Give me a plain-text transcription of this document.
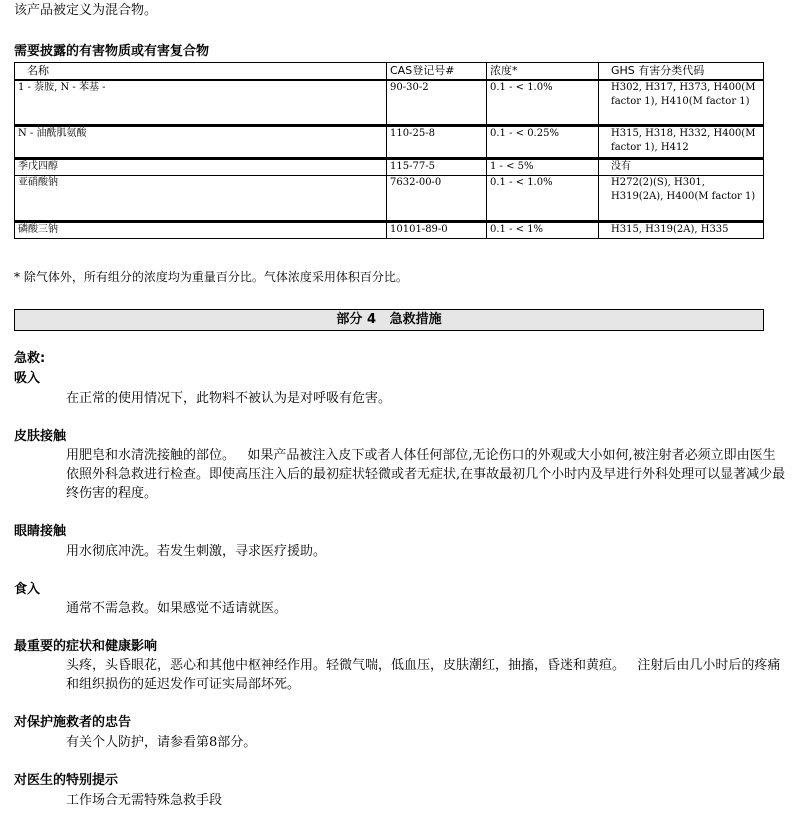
该产品被定义为混合物。

需要披露的有害物质或有害复合物

名称	CAS登记号#	浓度*	GHS 有害分类代码
1 - 萘胺, N - 苯基 -	90-30-2	0.1 - < 1.0%	H302, H317, H373, H400(M factor 1), H410(M factor 1)
N - 油酰肌氨酸	110-25-8	0.1 - < 0.25%	H315, H318, H332, H400(M factor 1), H412
季戊四醇	115-77-5	1 - < 5%	没有
亚硝酸钠	7632-00-0	0.1 - < 1.0%	H272(2)(S), H301, H319(2A), H400(M factor 1)
磷酸三钠	10101-89-0	0.1 - < 1%	H315, H319(2A), H335

* 除气体外，所有组分的浓度均为重量百分比。气体浓度采用体积百分比。

部分 4   急救措施

急救:

吸入

在正常的使用情况下，此物料不被认为是对呼吸有危害。

皮肤接触

用肥皂和水清洗接触的部位。   如果产品被注入皮下或者人体任何部位,无论伤口的外观或大小如何,被注射者必须立即由医生依照外科急救进行检查。即使高压注入后的最初症状轻微或者无症状,在事故最初几个小时内及早进行外科处理可以显著减少最终伤害的程度。

眼睛接触

用水彻底冲洗。若发生刺激，寻求医疗援助。

食入

通常不需急救。如果感觉不适请就医。

最重要的症状和健康影响

头疼，头昏眼花，恶心和其他中枢神经作用。轻微气喘，低血压，皮肤潮红，抽搐，昏迷和黄疸。   注射后由几小时后的疼痛和组织损伤的延迟发作可证实局部坏死。

对保护施救者的忠告

有关个人防护，请参看第8部分。

对医生的特别提示

工作场合无需特殊急救手段
